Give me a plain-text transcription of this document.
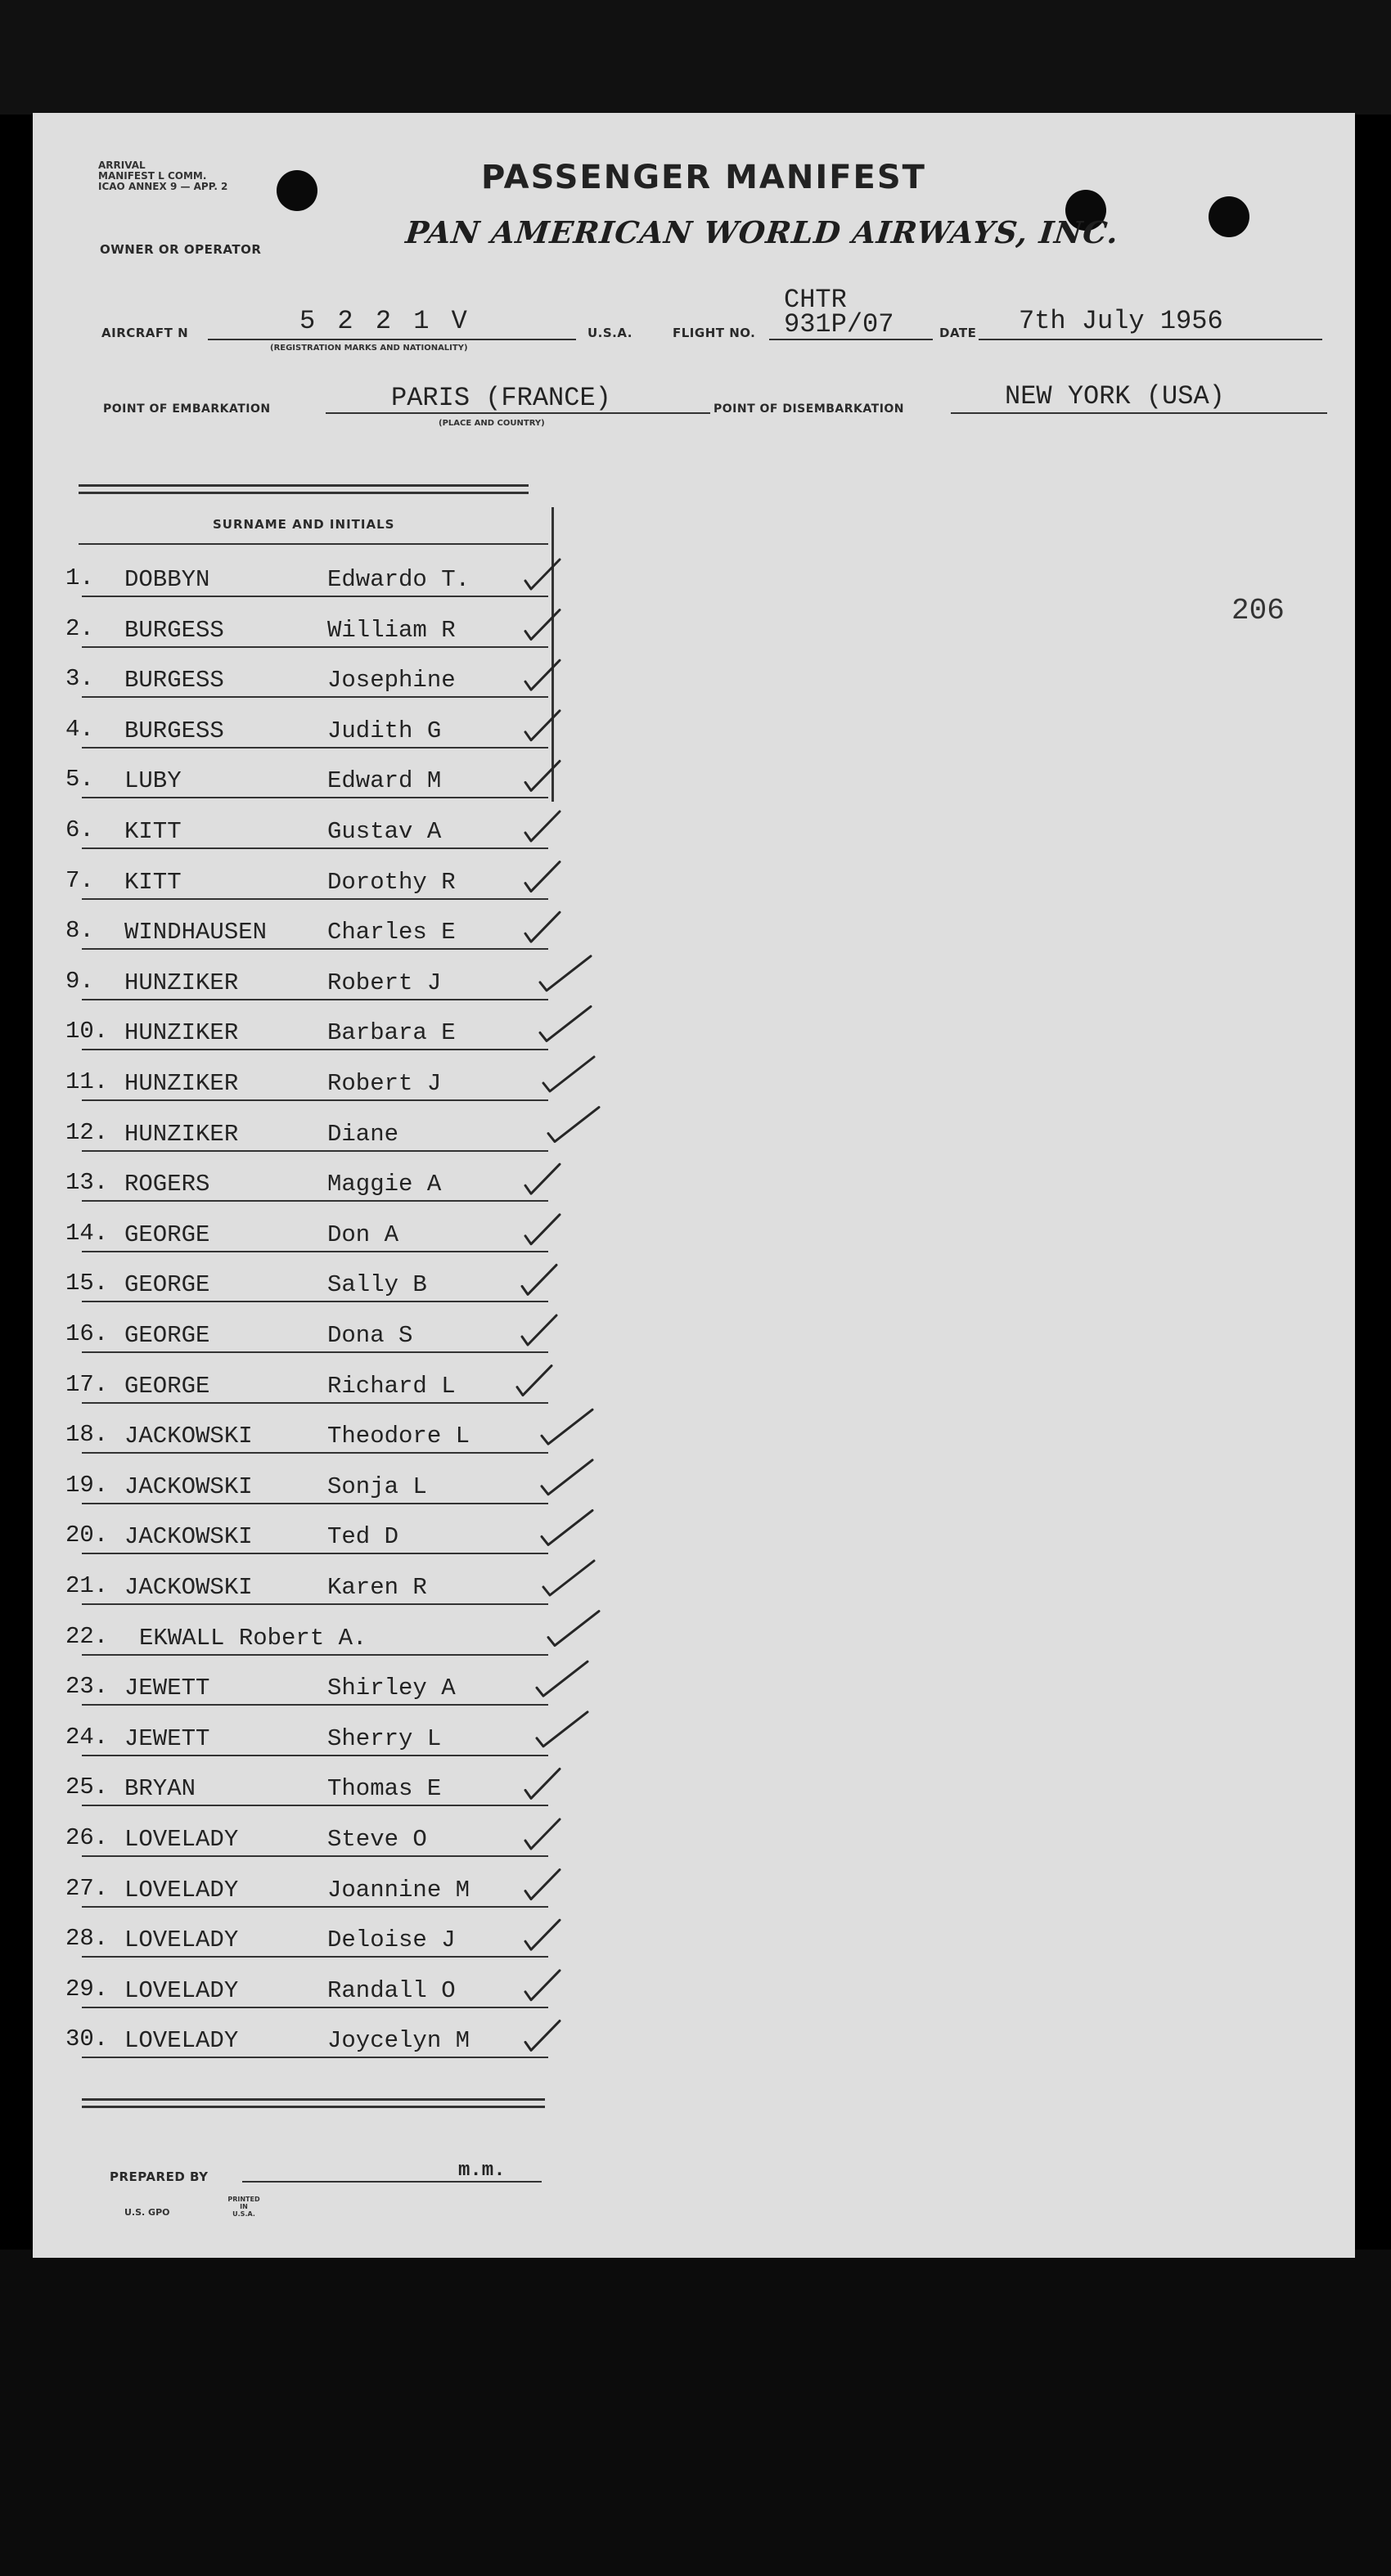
ARRIVAL
MANIFEST L COMM.
ICAO ANNEX 9 — APP. 2	PASSENGER MANIFEST
PAN AMERICAN WORLD AIRWAYS, INC.
OWNER OR OPERATOR
AIRCRAFT N	5 2 2 1 V
(REGISTRATION MARKS AND NATIONALITY)
U.S.A.	FLIGHT NO.
CHTR
931P/07	DATE 7th July 1956
POINT OF EMBARKATION	PARIS (FRANCE)
(PLACE AND COUNTRY)
POINT OF DISEMBARKATION	NEW YORK (USA)
SURNAME AND INITIALS
1. DOBBYN	Edwardo T.
2. BURGESS	William R
3. BURGESS	Josephine
4. BURGESS	Judith G
5. LUBY	Edward M
6. KITT	Gustav A
7. KITT	Dorothy R
8. WINDHAUSEN	Charles E
9. HUNZIKER	Robert J
10. HUNZIKER	Barbara E
11. HUNZIKER	Robert J
12. HUNZIKER	Diane
13. ROGERS	Maggie A
14. GEORGE	Don A
15. GEORGE	Sally B
16. GEORGE	Dona S
17. GEORGE	Richard L
18. JACKOWSKI	Theodore L
19. JACKOWSKI	Sonja L
20. JACKOWSKI	Ted D
21. JACKOWSKI	Karen R
22. EKWALL Robert A.
23. JEWETT	Shirley A
24. JEWETT	Sherry L
25. BRYAN	Thomas E
26. LOVELADY	Steve O
27. LOVELADY	Joannine M
28. LOVELADY	Deloise J
29. LOVELADY	Randall O
30. LOVELADY	Joycelyn M
206
PREPARED BY	m.m.
U.S. GPO
PRINTED IN U.S.A.
